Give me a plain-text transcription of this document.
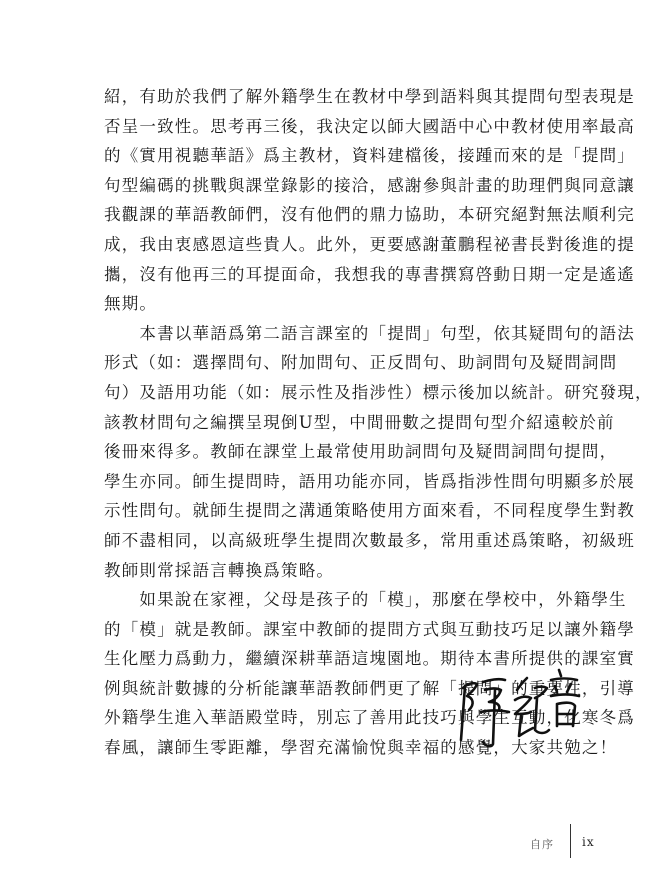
紹，有助於我們了解外籍學生在教材中學到語料與其提問句型表現是
否呈一致性。思考再三後，我決定以師大國語中心中教材使用率最高
的《實用視聽華語》爲主教材，資料建檔後，接踵而來的是「提問」
句型編碼的挑戰與課堂錄影的接洽，感謝參與計畫的助理們與同意讓
我觀課的華語教師們，沒有他們的鼎力協助，本研究絕對無法順利完
成，我由衷感恩這些貴人。此外，更要感謝董鵬程祕書長對後進的提
攜，沒有他再三的耳提面命，我想我的專書撰寫啓動日期一定是遙遙
無期。

　　本書以華語爲第二語言課室的「提問」句型，依其疑問句的語法
形式（如：選擇問句、附加問句、正反問句、助詞問句及疑問詞問
句）及語用功能（如：展示性及指涉性）標示後加以統計。研究發現，
該教材問句之編撰呈現倒U型，中間冊數之提問句型介紹遠較於前
後冊來得多。教師在課堂上最常使用助詞問句及疑問詞問句提問，
學生亦同。師生提問時，語用功能亦同，皆爲指涉性問句明顯多於展
示性問句。就師生提問之溝通策略使用方面來看，不同程度學生對教
師不盡相同，以高級班學生提問次數最多，常用重述爲策略，初級班
教師則常採語言轉換爲策略。

　　如果說在家裡，父母是孩子的「模」，那麼在學校中，外籍學生
的「模」就是教師。課室中教師的提問方式與互動技巧足以讓外籍學
生化壓力爲動力，繼續深耕華語這塊園地。期待本書所提供的課室實
例與統計數據的分析能讓華語教師們更了解「提問」的重要性，引導
外籍學生進入華語殿堂時，別忘了善用此技巧與學生互動，化寒冬爲
春風，讓師生零距離，學習充滿愉悅與幸福的感覺，大家共勉之！

自序 ix
